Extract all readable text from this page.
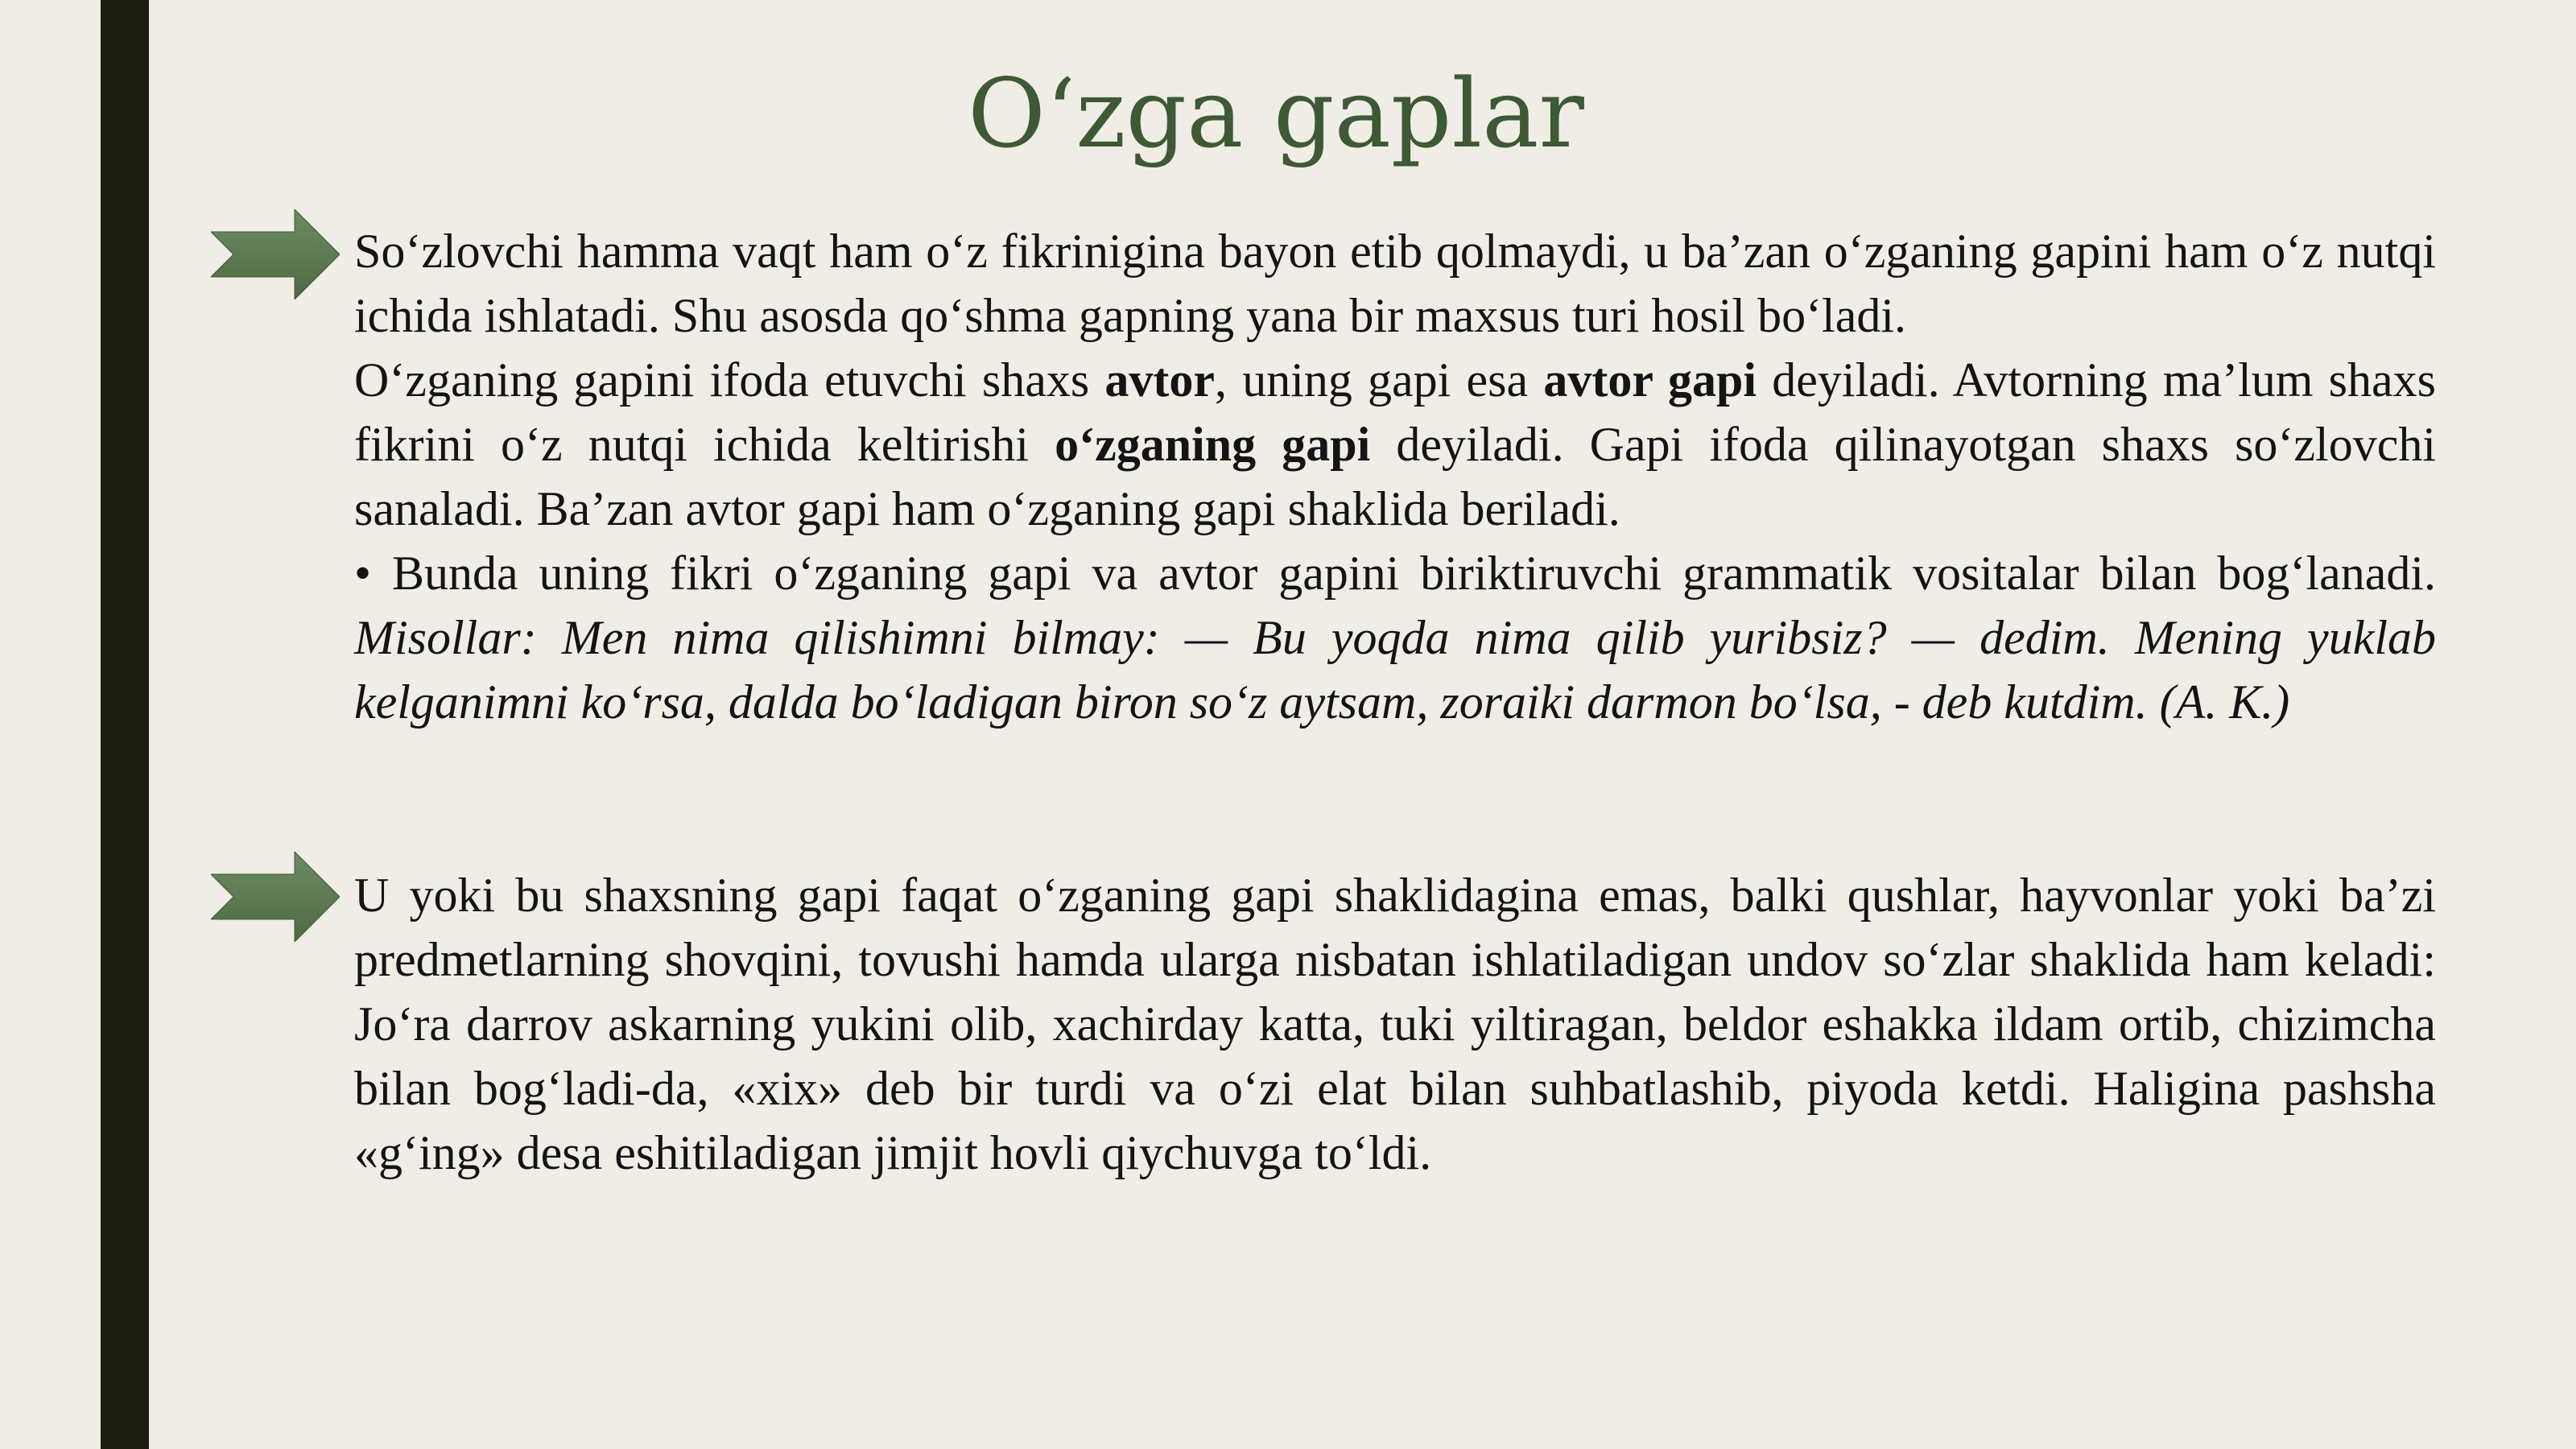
O‘zga gaplar

So‘zlovchi hamma vaqt ham o‘z fikrinigina bayon etib qolmaydi, u ba’zan o‘zganing gapini ham o‘z nutqi ichida ishlatadi. Shu asosda qo‘shma gapning yana bir maxsus turi hosil bo‘ladi.

O‘zganing gapini ifoda etuvchi shaxs avtor, uning gapi esa avtor gapi deyiladi. Avtorning ma’lum shaxs fikrini o‘z nutqi ichida keltirishi o‘zganing gapi deyiladi. Gapi ifoda qilinayotgan shaxs so‘zlovchi sanaladi. Ba’zan avtor gapi ham o‘zganing gapi shaklida beriladi.

• Bunda uning fikri o‘zganing gapi va avtor gapini biriktiruvchi grammatik vositalar bilan bog‘lanadi. Misollar: Men nima qilishimni bilmay: — Bu yoqda nima qilib yuribsiz? — dedim. Mening yuklab kelganimni ko‘rsa, dalda bo‘ladigan biron so‘z aytsam, zoraiki darmon bo‘lsa, - deb kutdim. (A. K.)

U yoki bu shaxsning gapi faqat o‘zganing gapi shaklidagina emas, balki qushlar, hayvonlar yoki ba’zi predmetlarning shovqini, tovushi hamda ularga nisbatan ishlatiladigan undov so‘zlar shaklida ham keladi: Jo‘ra darrov askarning yukini olib, xachirday katta, tuki yiltiragan, beldor eshakka ildam ortib, chizimcha bilan bog‘ladi-da, «xix» deb bir turdi va o‘zi elat bilan suhbatlashib, piyoda ketdi. Haligina pashsha «g‘ing» desa eshitiladigan jimjit hovli qiychuvga to‘ldi.
